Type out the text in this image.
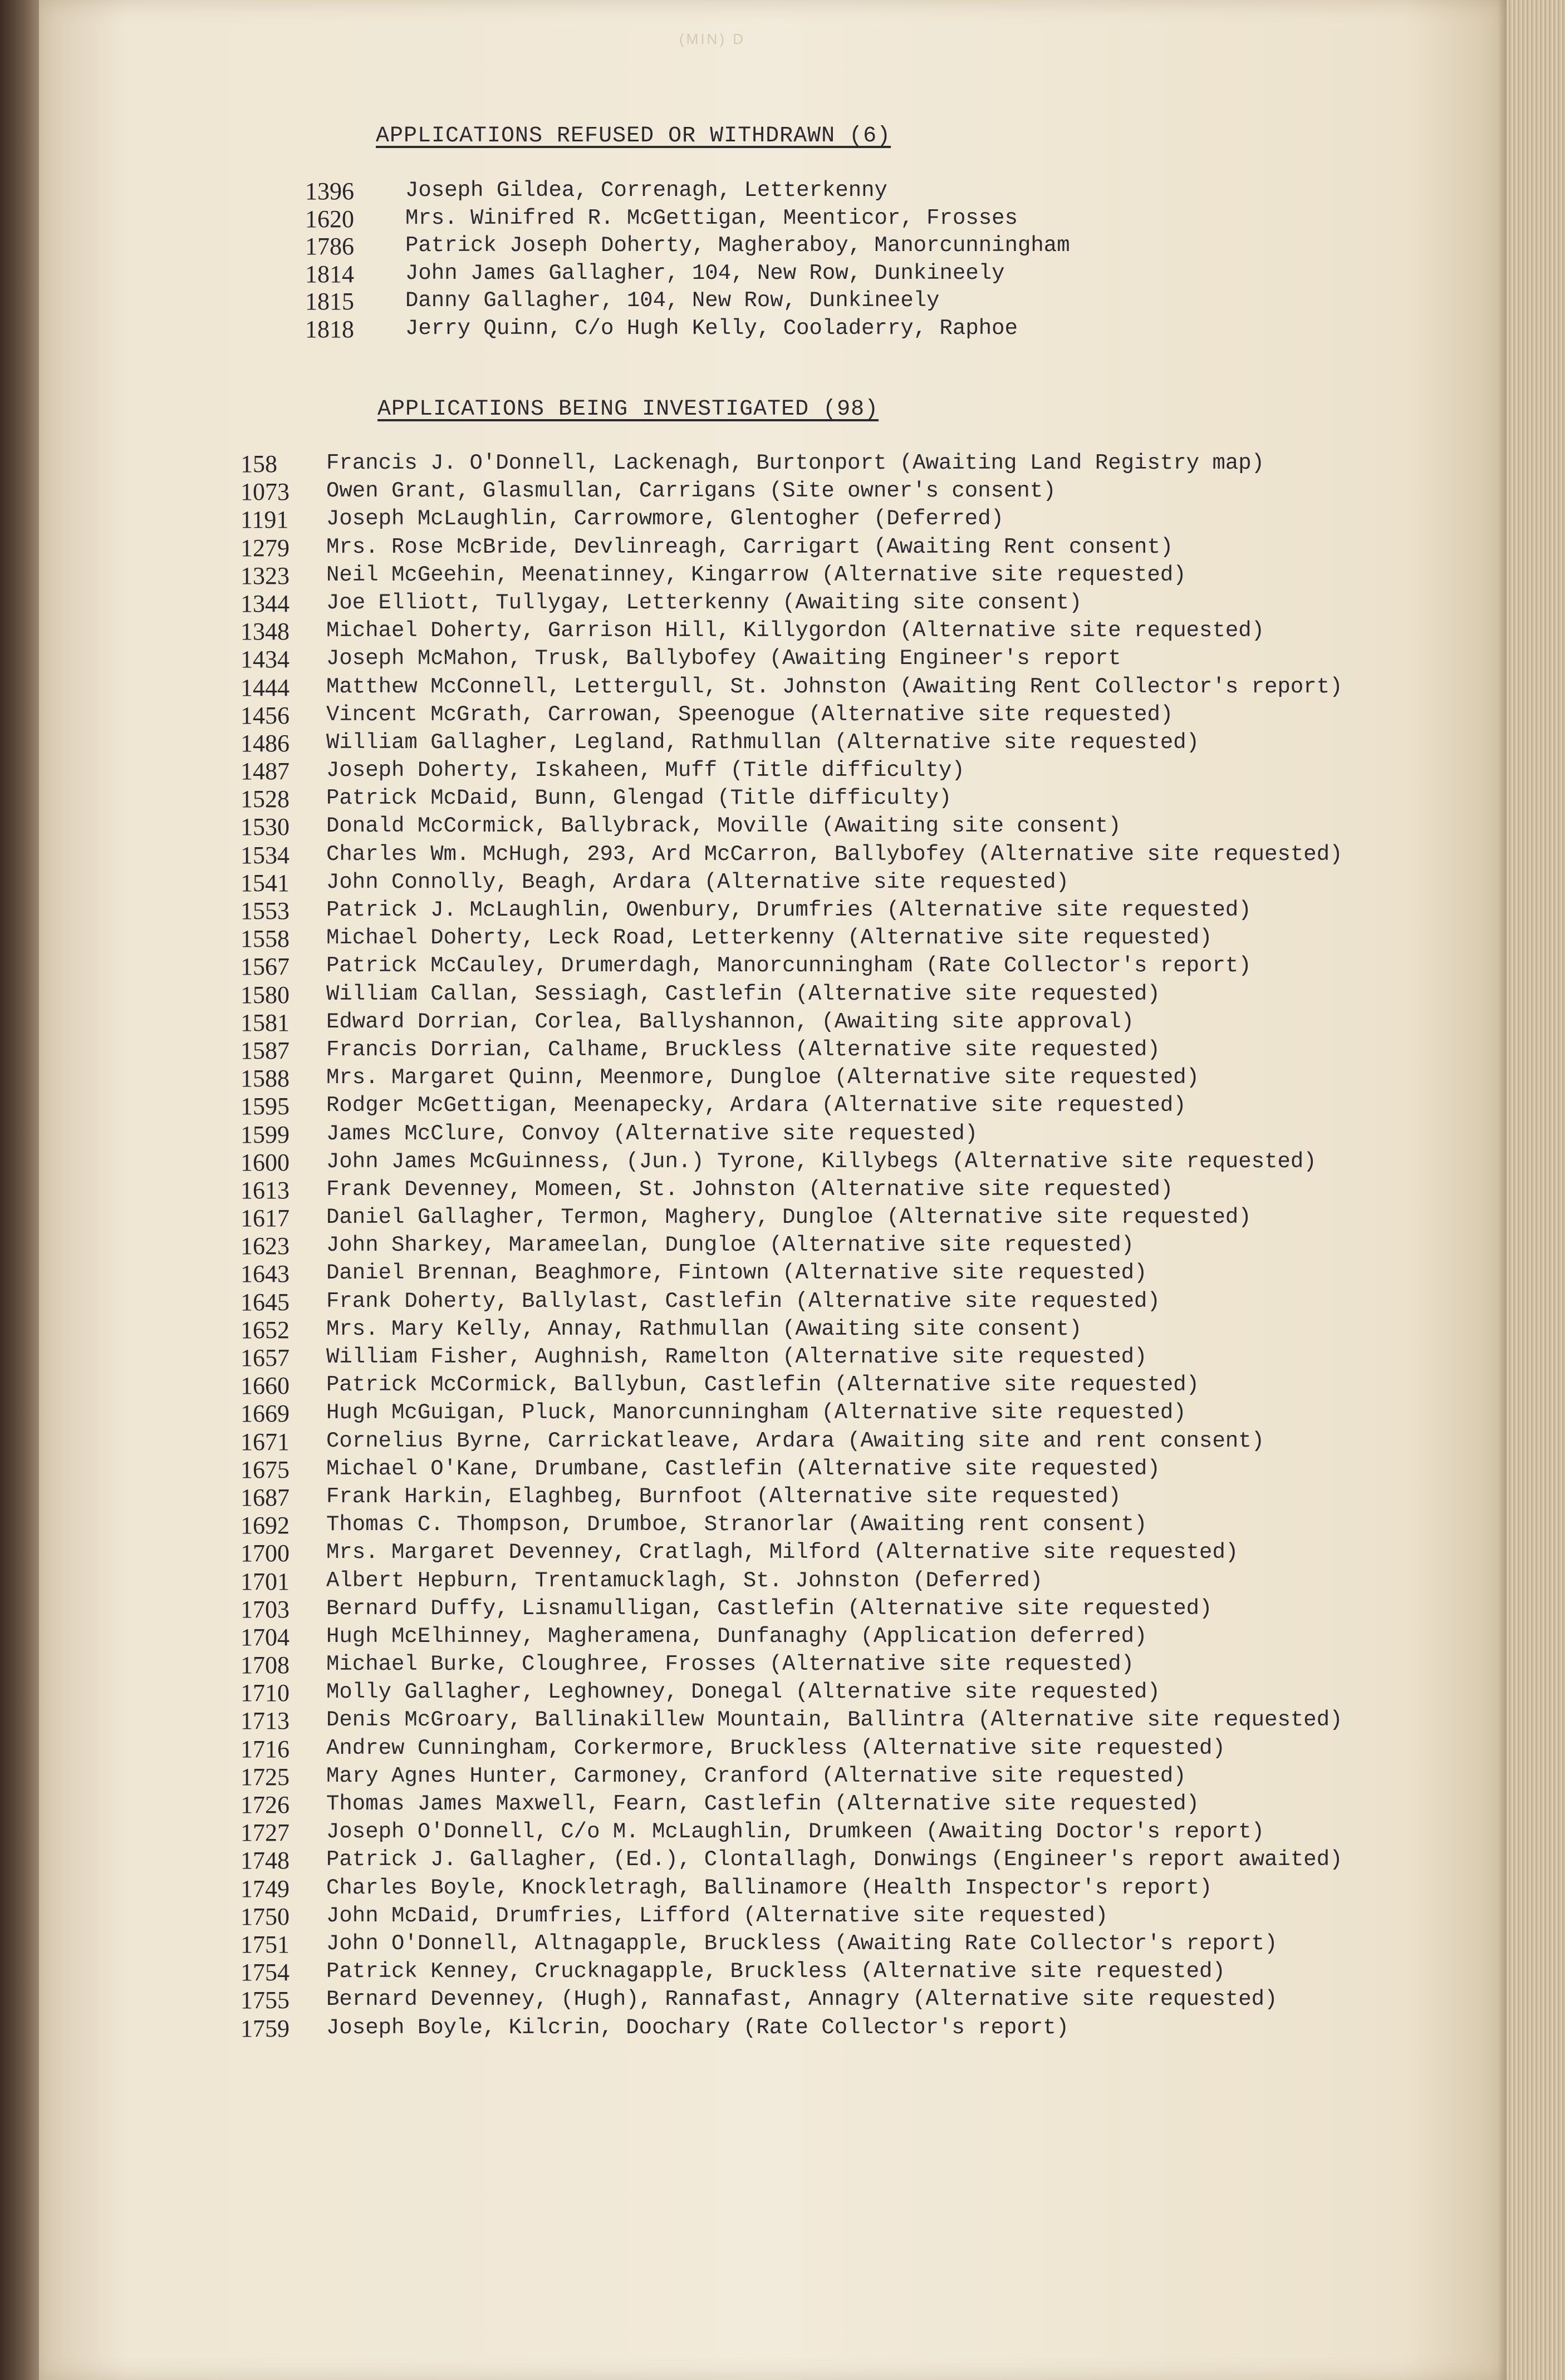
(MIN) D
APPLICATIONS REFUSED OR WITHDRAWN (6)
1396 Joseph Gildea, Correnagh, Letterkenny
1620 Mrs. Winifred R. McGettigan, Meenticor, Frosses
1786 Patrick Joseph Doherty, Magheraboy, Manorcunningham
1814 John James Gallagher, 104, New Row, Dunkineely
1815 Danny Gallagher, 104, New Row, Dunkineely
1818 Jerry Quinn, C/o Hugh Kelly, Cooladerry, Raphoe
APPLICATIONS BEING INVESTIGATED (98)
158 Francis J. O'Donnell, Lackenagh, Burtonport (Awaiting Land Registry map)
1073 Owen Grant, Glasmullan, Carrigans (Site owner's consent)
1191 Joseph McLaughlin, Carrowmore, Glentogher (Deferred)
1279 Mrs. Rose McBride, Devlinreagh, Carrigart (Awaiting Rent consent)
1323 Neil McGeehin, Meenatinney, Kingarrow (Alternative site requested)
1344 Joe Elliott, Tullygay, Letterkenny (Awaiting site consent)
1348 Michael Doherty, Garrison Hill, Killygordon (Alternative site requested)
1434 Joseph McMahon, Trusk, Ballybofey (Awaiting Engineer's report
1444 Matthew McConnell, Lettergull, St. Johnston (Awaiting Rent Collector's report)
1456 Vincent McGrath, Carrowan, Speenogue (Alternative site requested)
1486 William Gallagher, Legland, Rathmullan (Alternative site requested)
1487 Joseph Doherty, Iskaheen, Muff (Title difficulty)
1528 Patrick McDaid, Bunn, Glengad (Title difficulty)
1530 Donald McCormick, Ballybrack, Moville (Awaiting site consent)
1534 Charles Wm. McHugh, 293, Ard McCarron, Ballybofey (Alternative site requested)
1541 John Connolly, Beagh, Ardara (Alternative site requested)
1553 Patrick J. McLaughlin, Owenbury, Drumfries (Alternative site requested)
1558 Michael Doherty, Leck Road, Letterkenny (Alternative site requested)
1567 Patrick McCauley, Drumerdagh, Manorcunningham (Rate Collector's report)
1580 William Callan, Sessiagh, Castlefin (Alternative site requested)
1581 Edward Dorrian, Corlea, Ballyshannon, (Awaiting site approval)
1587 Francis Dorrian, Calhame, Bruckless (Alternative site requested)
1588 Mrs. Margaret Quinn, Meenmore, Dungloe (Alternative site requested)
1595 Rodger McGettigan, Meenapecky, Ardara (Alternative site requested)
1599 James McClure, Convoy (Alternative site requested)
1600 John James McGuinness, (Jun.) Tyrone, Killybegs (Alternative site requested)
1613 Frank Devenney, Momeen, St. Johnston (Alternative site requested)
1617 Daniel Gallagher, Termon, Maghery, Dungloe (Alternative site requested)
1623 John Sharkey, Marameelan, Dungloe (Alternative site requested)
1643 Daniel Brennan, Beaghmore, Fintown (Alternative site requested)
1645 Frank Doherty, Ballylast, Castlefin (Alternative site requested)
1652 Mrs. Mary Kelly, Annay, Rathmullan (Awaiting site consent)
1657 William Fisher, Aughnish, Ramelton (Alternative site requested)
1660 Patrick McCormick, Ballybun, Castlefin (Alternative site requested)
1669 Hugh McGuigan, Pluck, Manorcunningham (Alternative site requested)
1671 Cornelius Byrne, Carrickatleave, Ardara (Awaiting site and rent consent)
1675 Michael O'Kane, Drumbane, Castlefin (Alternative site requested)
1687 Frank Harkin, Elaghbeg, Burnfoot (Alternative site requested)
1692 Thomas C. Thompson, Drumboe, Stranorlar (Awaiting rent consent)
1700 Mrs. Margaret Devenney, Cratlagh, Milford (Alternative site requested)
1701 Albert Hepburn, Trentamucklagh, St. Johnston (Deferred)
1703 Bernard Duffy, Lisnamulligan, Castlefin (Alternative site requested)
1704 Hugh McElhinney, Magheramena, Dunfanaghy (Application deferred)
1708 Michael Burke, Cloughree, Frosses (Alternative site requested)
1710 Molly Gallagher, Leghowney, Donegal (Alternative site requested)
1713 Denis McGroary, Ballinakillew Mountain, Ballintra (Alternative site requested)
1716 Andrew Cunningham, Corkermore, Bruckless (Alternative site requested)
1725 Mary Agnes Hunter, Carmoney, Cranford (Alternative site requested)
1726 Thomas James Maxwell, Fearn, Castlefin (Alternative site requested)
1727 Joseph O'Donnell, C/o M. McLaughlin, Drumkeen (Awaiting Doctor's report)
1748 Patrick J. Gallagher, (Ed.), Clontallagh, Donwings (Engineer's report awaited)
1749 Charles Boyle, Knockletragh, Ballinamore (Health Inspector's report)
1750 John McDaid, Drumfries, Lifford (Alternative site requested)
1751 John O'Donnell, Altnagapple, Bruckless (Awaiting Rate Collector's report)
1754 Patrick Kenney, Crucknagapple, Bruckless (Alternative site requested)
1755 Bernard Devenney, (Hugh), Rannafast, Annagry (Alternative site requested)
1759 Joseph Boyle, Kilcrin, Doochary (Rate Collector's report)
